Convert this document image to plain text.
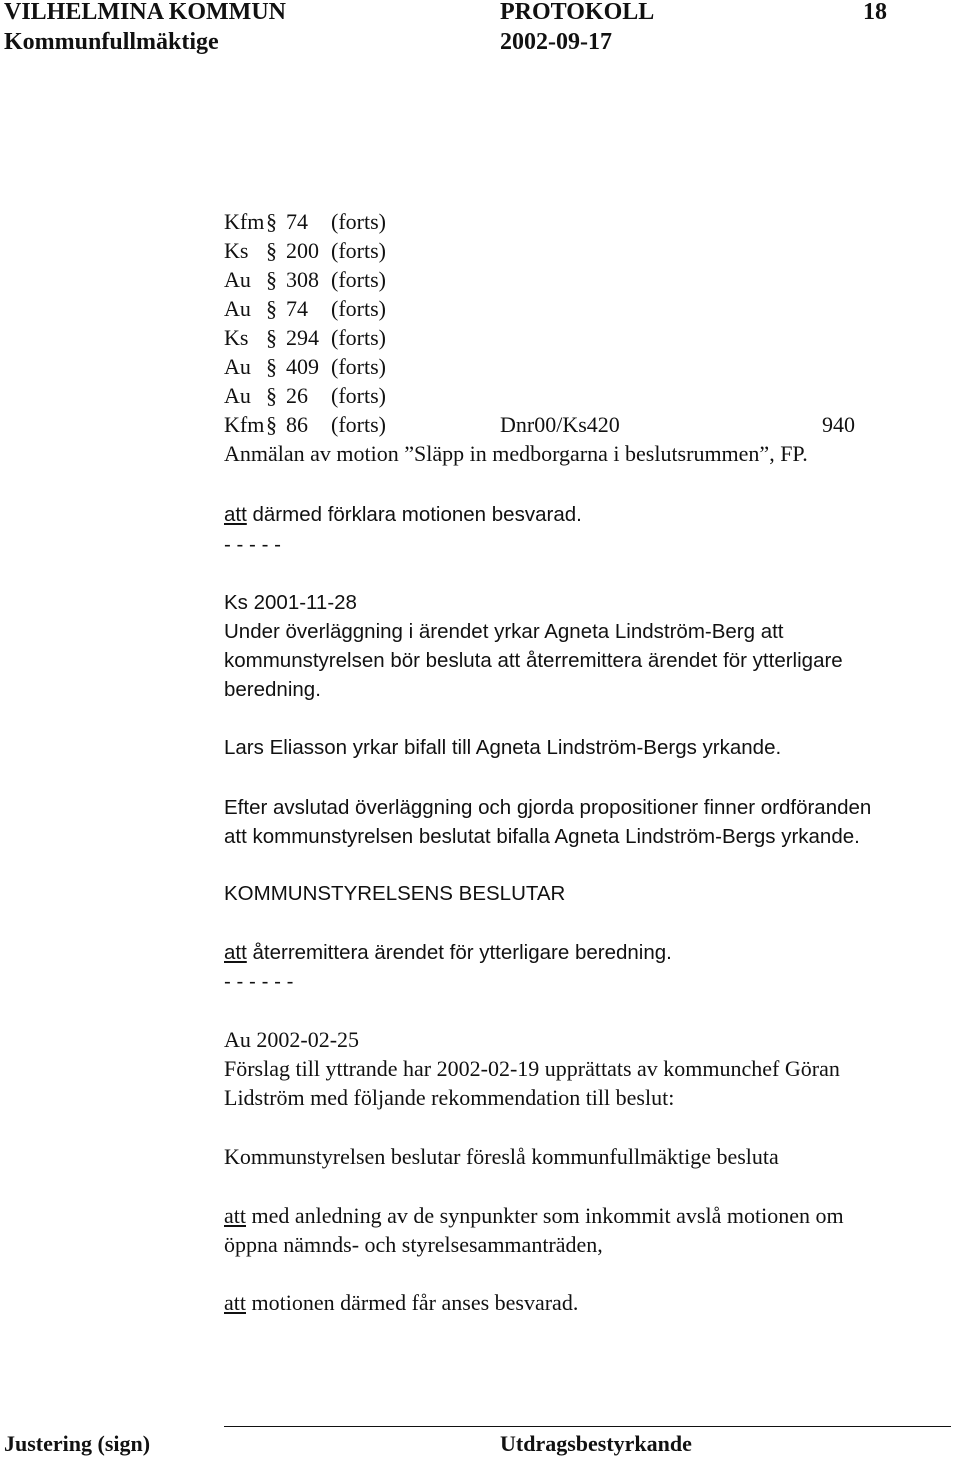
VILHELMINA KOMMUN	PROTOKOLL	18
Kommunfullmäktige	2002-09-17
Kfm§ 74 (forts)
Ks § 200 (forts)
Au § 308 (forts)
Au § 74 (forts)
Ks § 294 (forts)
Au § 409 (forts)
Au § 26 (forts)
Kfm§ 86 (forts)	Dnr00/Ks420	940
Anmälan av motion ”Släpp in medborgarna i beslutsrummen”, FP.
att därmed förklara motionen besvarad.
- - - - -
Ks 2001-11-28
Under överläggning i ärendet yrkar Agneta Lindström-Berg att
kommunstyrelsen bör besluta att återremittera ärendet för ytterligare
beredning.
Lars Eliasson yrkar bifall till Agneta Lindström-Bergs yrkande.
Efter avslutad överläggning och gjorda propositioner finner ordföranden
att kommunstyrelsen beslutat bifalla Agneta Lindström-Bergs yrkande.
KOMMUNSTYRELSENS BESLUTAR
att återremittera ärendet för ytterligare beredning.
- - - - - -
Au 2002-02-25
Förslag till yttrande har 2002-02-19 upprättats av kommunchef Göran
Lidström med följande rekommendation till beslut:
Kommunstyrelsen beslutar föreslå kommunfullmäktige besluta
att med anledning av de synpunkter som inkommit avslå motionen om
öppna nämnds- och styrelsesammanträden,
att motionen därmed får anses besvarad.
Justering (sign)	Utdragsbestyrkande
